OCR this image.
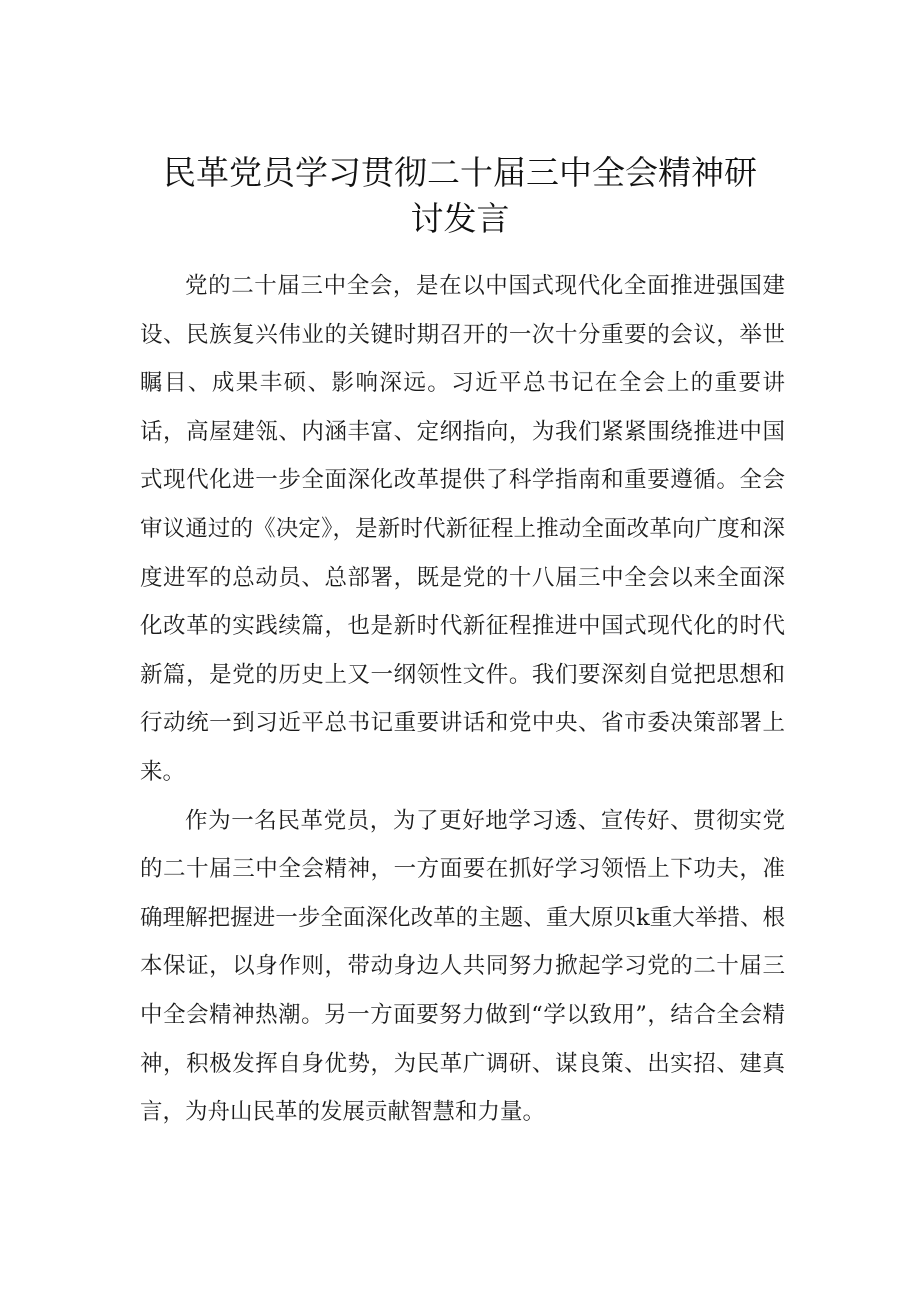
民革党员学习贯彻二十届三中全会精神研
讨发言

党的二十届三中全会，是在以中国式现代化全面推进强国建设、民族复兴伟业的关键时期召开的一次十分重要的会议，举世瞩目、成果丰硕、影响深远。习近平总书记在全会上的重要讲话，高屋建瓴、内涵丰富、定纲指向，为我们紧紧围绕推进中国式现代化进一步全面深化改革提供了科学指南和重要遵循。全会审议通过的《决定》，是新时代新征程上推动全面改革向广度和深度进军的总动员、总部署，既是党的十八届三中全会以来全面深化改革的实践续篇，也是新时代新征程推进中国式现代化的时代新篇，是党的历史上又一纲领性文件。我们要深刻自觉把思想和行动统一到习近平总书记重要讲话和党中央、省市委决策部署上来。

作为一名民革党员，为了更好地学习透、宣传好、贯彻实党的二十届三中全会精神，一方面要在抓好学习领悟上下功夫，准确理解把握进一步全面深化改革的主题、重大原贝k重大举措、根本保证，以身作则，带动身边人共同努力掀起学习党的二十届三中全会精神热潮。另一方面要努力做到“学以致用”，结合全会精神，积极发挥自身优势，为民革广调研、谋良策、出实招、建真言，为舟山民革的发展贡献智慧和力量。
